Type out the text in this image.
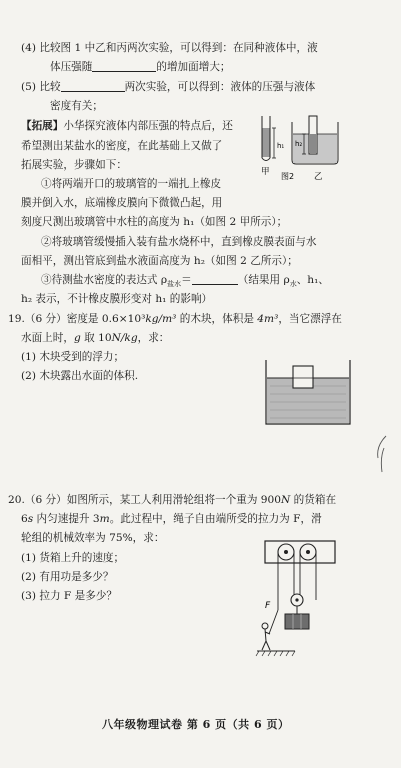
(4) 比较图 1 中乙和丙两次实验，可以得到：在同种液体中，液
体压强随	的增加面增大；
(5) 比较	两次实验，可以得到：液体的压强与液体
密度有关；
【拓展】小华探究液体内部压强的特点后，还
希望测出某盐水的密度，在此基础上又做了
拓展实验，步骤如下：
①将两端开口的玻璃管的一端扎上橡皮
膜并倒入水，底端橡皮膜向下微微凸起，用
刻度尺测出玻璃管中水柱的高度为 h₁（如图 2 甲所示）；
②将玻璃管缓慢插入装有盐水烧杯中，直到橡皮膜表面与水
面相平，测出管底到盐水液面高度为 h₂（如图 2 乙所示）；
③待测盐水密度的表达式 $\rho_{盐水}=$	（结果用 $\rho_水$、h₁、
h₂ 表示，不计橡皮膜形变对 h₁ 的影响）
h₁
甲
h₂
图2 乙
19.（6 分）密度是 0.6×10³kg/m³ 的木块，体积是 4m³，当它漂浮在
水面上时，g 取 10N/kg，求：
(1) 木块受到的浮力；
(2) 木块露出水面的体积.
20.（6 分）如图所示，某工人利用滑轮组将一个重为 900N 的货箱在
6s 内匀速提升 3m。此过程中，绳子自由端所受的拉力为 F，滑
轮组的机械效率为 75%，求：
(1) 货箱上升的速度；
(2) 有用功是多少？
(3) 拉力 F 是多少？
F
八年级物理试卷 第 6 页（共 6 页）
